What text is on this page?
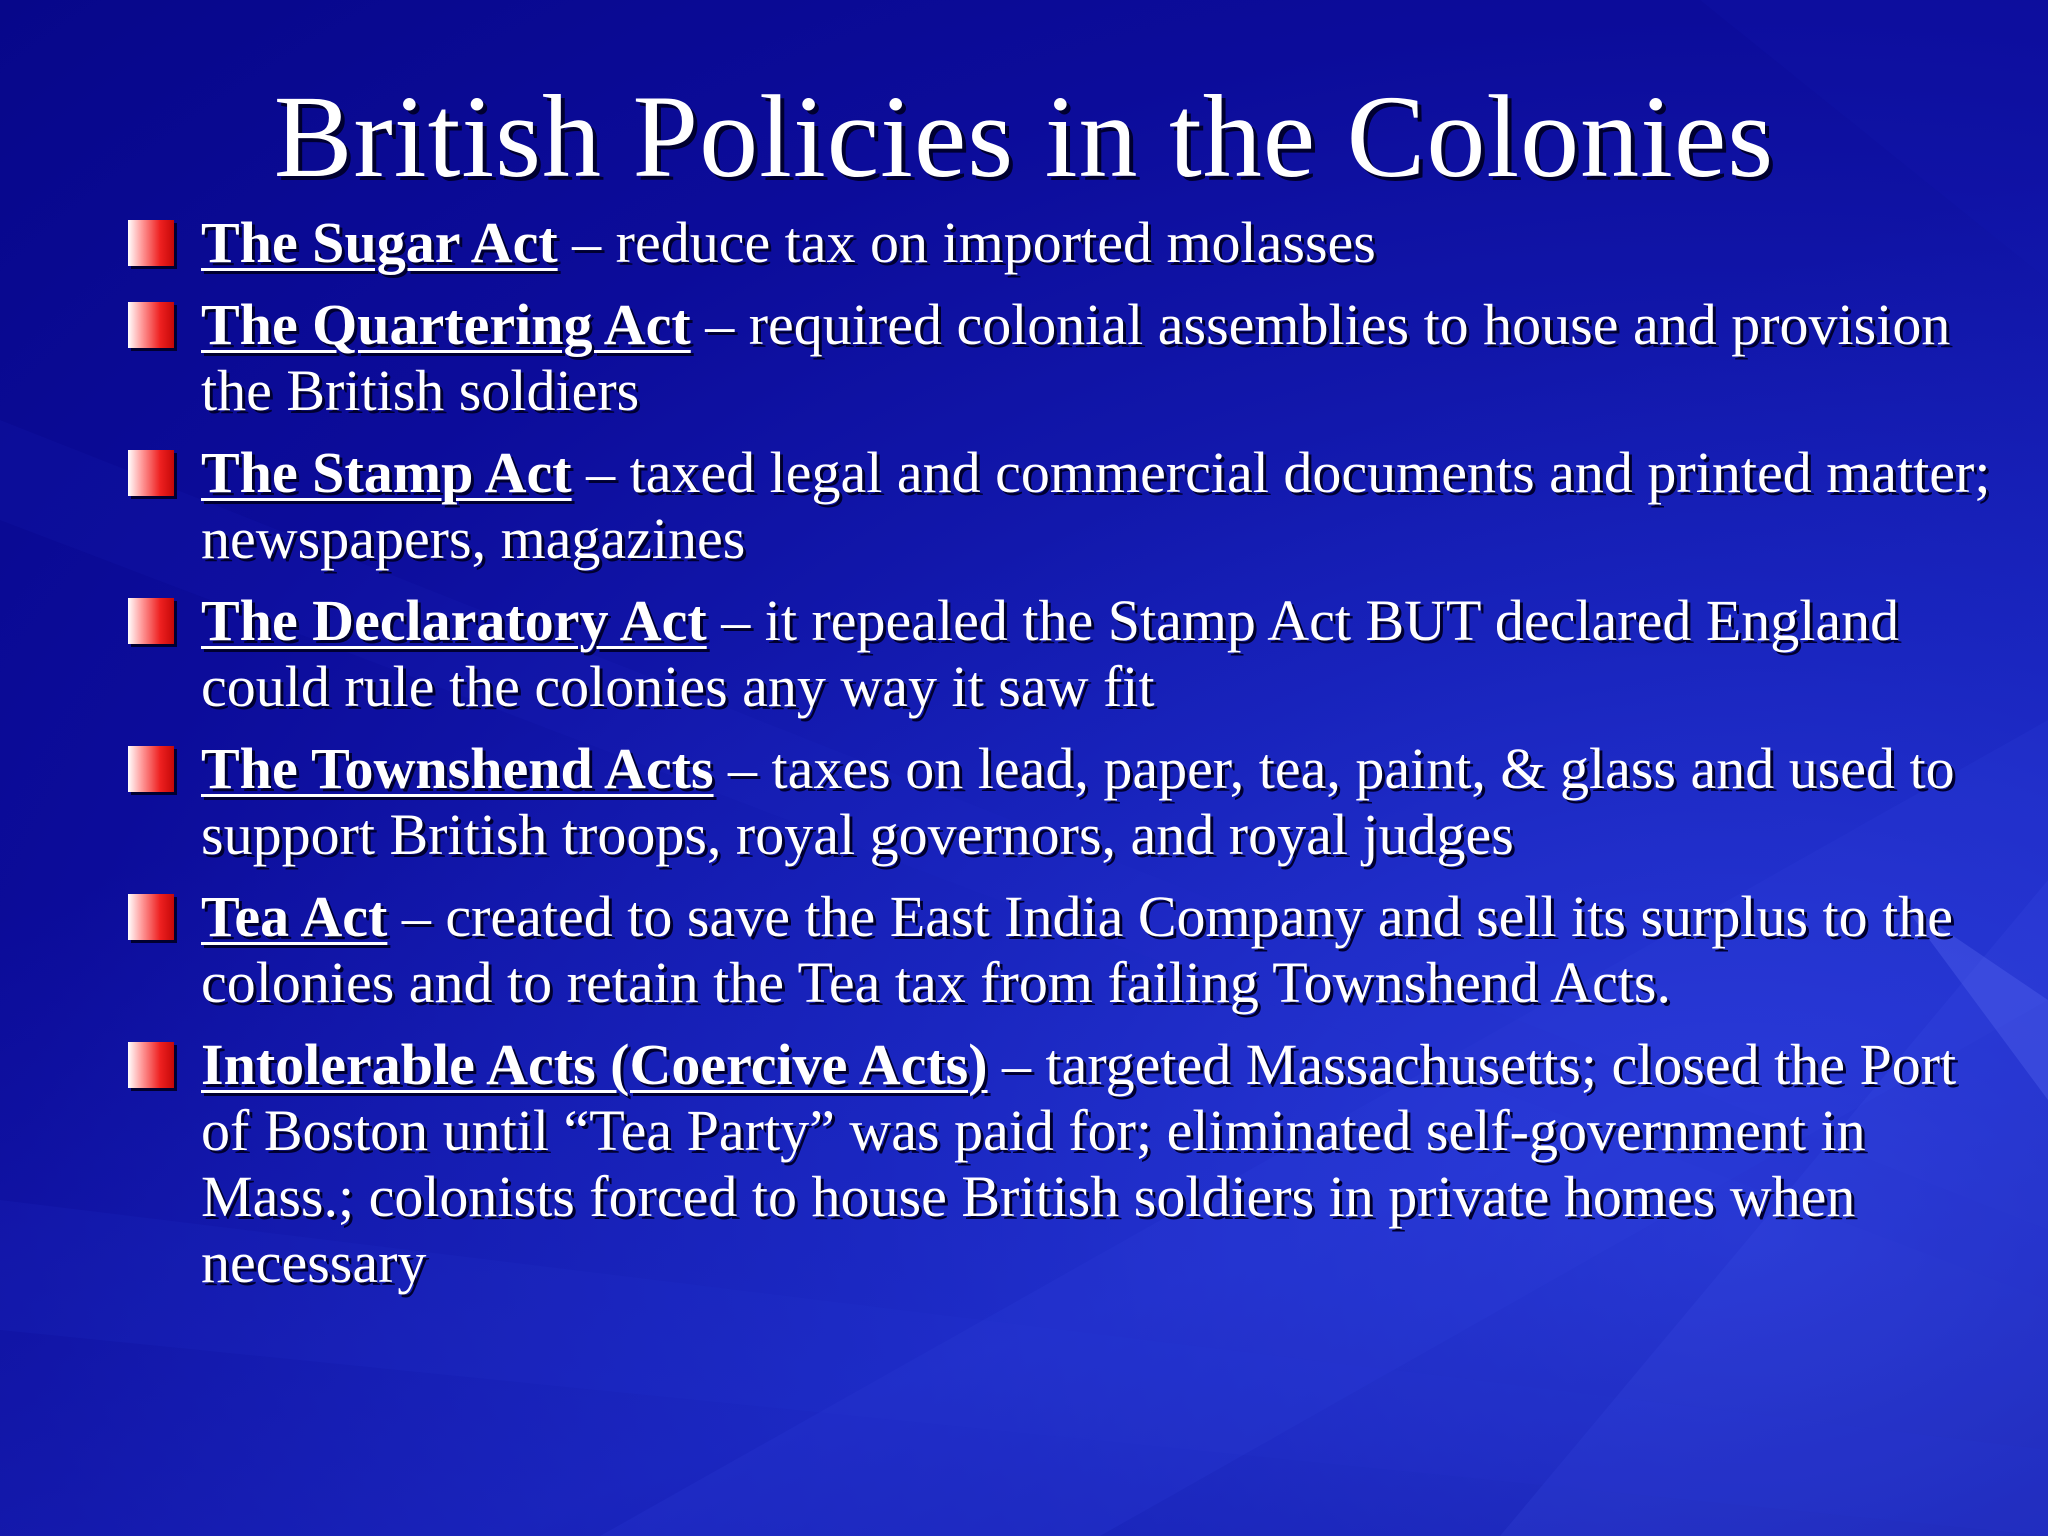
British Policies in the Colonies
The Sugar Act – reduce tax on imported molasses
The Quartering Act – required colonial assemblies to house and provision the British soldiers
The Stamp Act – taxed legal and commercial documents and printed matter; newspapers, magazines
The Declaratory Act – it repealed the Stamp Act BUT declared England could rule the colonies any way it saw fit
The Townshend Acts – taxes on lead, paper, tea, paint, & glass and used to support British troops, royal governors, and royal judges
Tea Act – created to save the East India Company and sell its surplus to the colonies and to retain the Tea tax from failing Townshend Acts.
Intolerable Acts (Coercive Acts) – targeted Massachusetts; closed the Port of Boston until “Tea Party” was paid for; eliminated self-government in Mass.; colonists forced to house British soldiers in private homes when necessary
